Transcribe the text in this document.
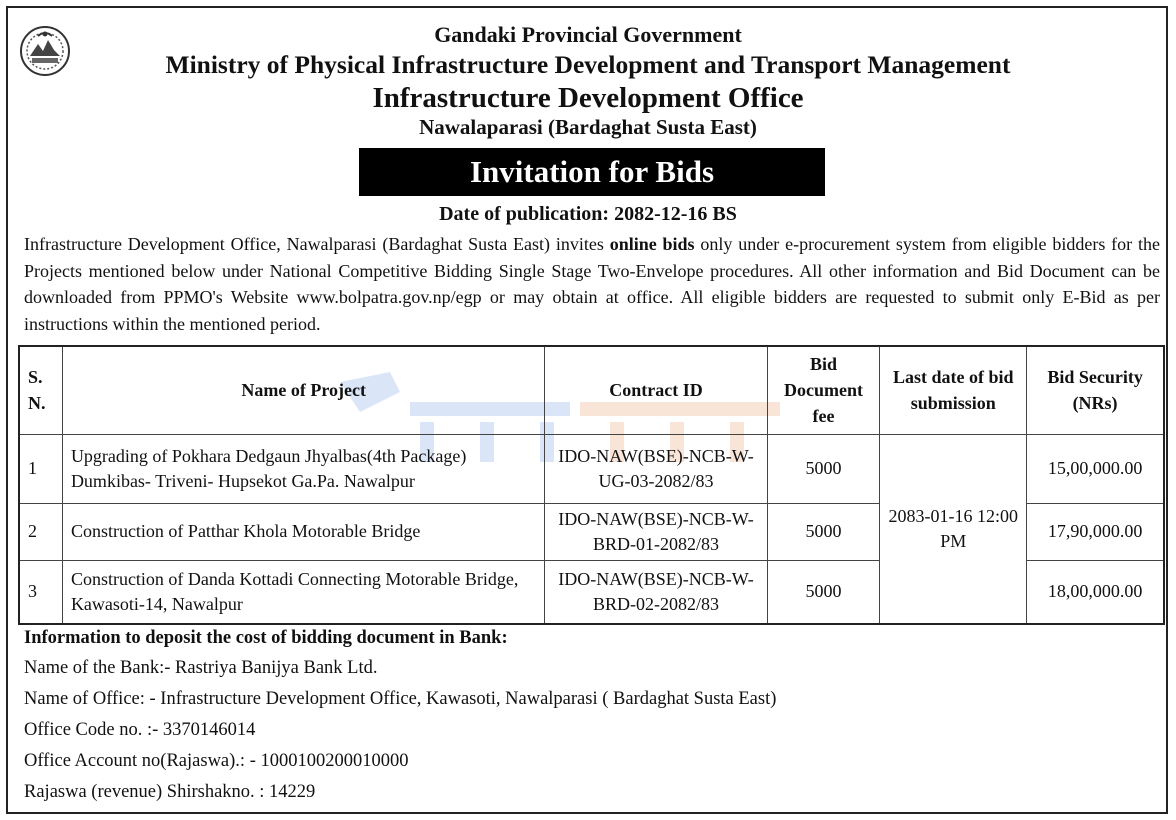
Gandaki Provincial Government
Ministry of Physical Infrastructure Development and Transport Management
Infrastructure Development Office
Nawalaparasi (Bardaghat Susta East)
Invitation for Bids
Date of publication: 2082-12-16 BS

Infrastructure Development Office, Nawalparasi (Bardaghat Susta East) invites online bids only under e-procurement system from eligible bidders for the Projects mentioned below under National Competitive Bidding Single Stage Two-Envelope procedures. All other information and Bid Document can be downloaded from PPMO's Website www.bolpatra.gov.np/egp or may obtain at office. All eligible bidders are requested to submit only E-Bid as per instructions within the mentioned period.

S. N.	Name of Project	Contract ID	Bid Document fee	Last date of bid submission	Bid Security (NRs)
1	Upgrading of Pokhara Dedgaun Jhyalbas(4th Package) Dumkibas- Triveni- Hupsekot Ga.Pa. Nawalpur	IDO-NAW(BSE)-NCB-W-UG-03-2082/83	5000	2083-01-16 12:00 PM	15,00,000.00
2	Construction of Patthar Khola Motorable Bridge	IDO-NAW(BSE)-NCB-W-BRD-01-2082/83	5000		17,90,000.00
3	Construction of Danda Kottadi Connecting Motorable Bridge, Kawasoti-14, Nawalpur	IDO-NAW(BSE)-NCB-W-BRD-02-2082/83	5000		18,00,000.00
Information to deposit the cost of bidding document in Bank:
Name of the Bank:- Rastriya Banijya Bank Ltd.
Name of Office: - Infrastructure Development Office, Kawasoti, Nawalparasi ( Bardaghat Susta East)
Office Code no. :- 3370146014
Office Account no(Rajaswa).: - 1000100200010000
Rajaswa (revenue) Shirshakno. : 14229
